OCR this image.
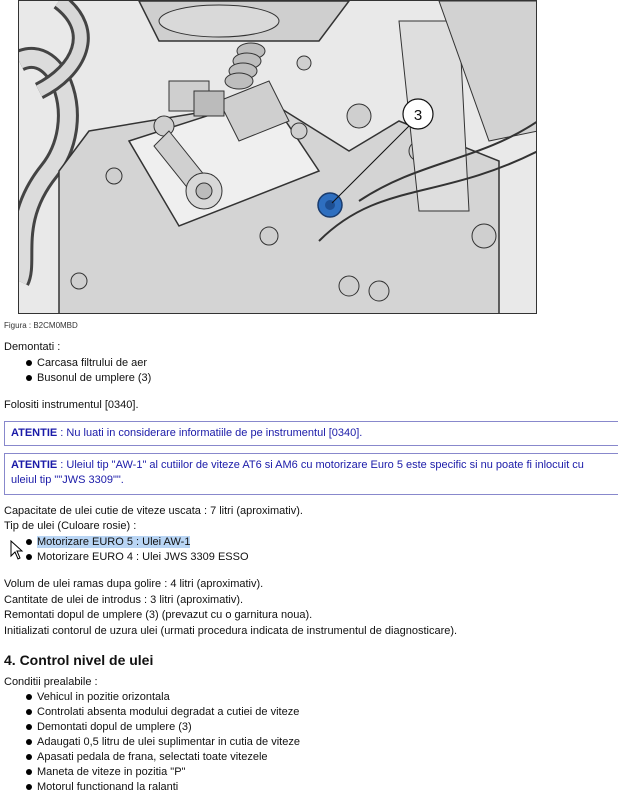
3
Figura : B2CM0MBD
Demontati :
Carcasa filtrului de aer
Busonul de umplere (3)
Folositi instrumentul [0340].
ATENTIE : Nu luati in considerare informatiile de pe instrumentul [0340].
ATENTIE : Uleiul tip "AW-1" al cutiilor de viteze AT6 si AM6 cu motorizare Euro 5 este specific si nu poate fi inlocuit cu
uleiul tip ""JWS 3309"".
Capacitate de ulei cutie de viteze uscata : 7 litri (aproximativ).
Tip de ulei (Culoare rosie) :
Motorizare EURO 5 : Ulei AW-1
Motorizare EURO 4 : Ulei JWS 3309 ESSO
Volum de ulei ramas dupa golire : 4 litri (aproximativ).
Cantitate de ulei de introdus : 3 litri (aproximativ).
Remontati dopul de umplere (3) (prevazut cu o garnitura noua).
Initializati contorul de uzura ulei (urmati procedura indicata de instrumentul de diagnosticare).
4. Control nivel de ulei
Conditii prealabile :
Vehicul in pozitie orizontala
Controlati absenta modului degradat a cutiei de viteze
Demontati dopul de umplere (3)
Adaugati 0,5 litru de ulei suplimentar in cutia de viteze
Apasati pedala de frana, selectati toate vitezele
Maneta de viteze in pozitia "P"
Motorul functionand la ralanti
